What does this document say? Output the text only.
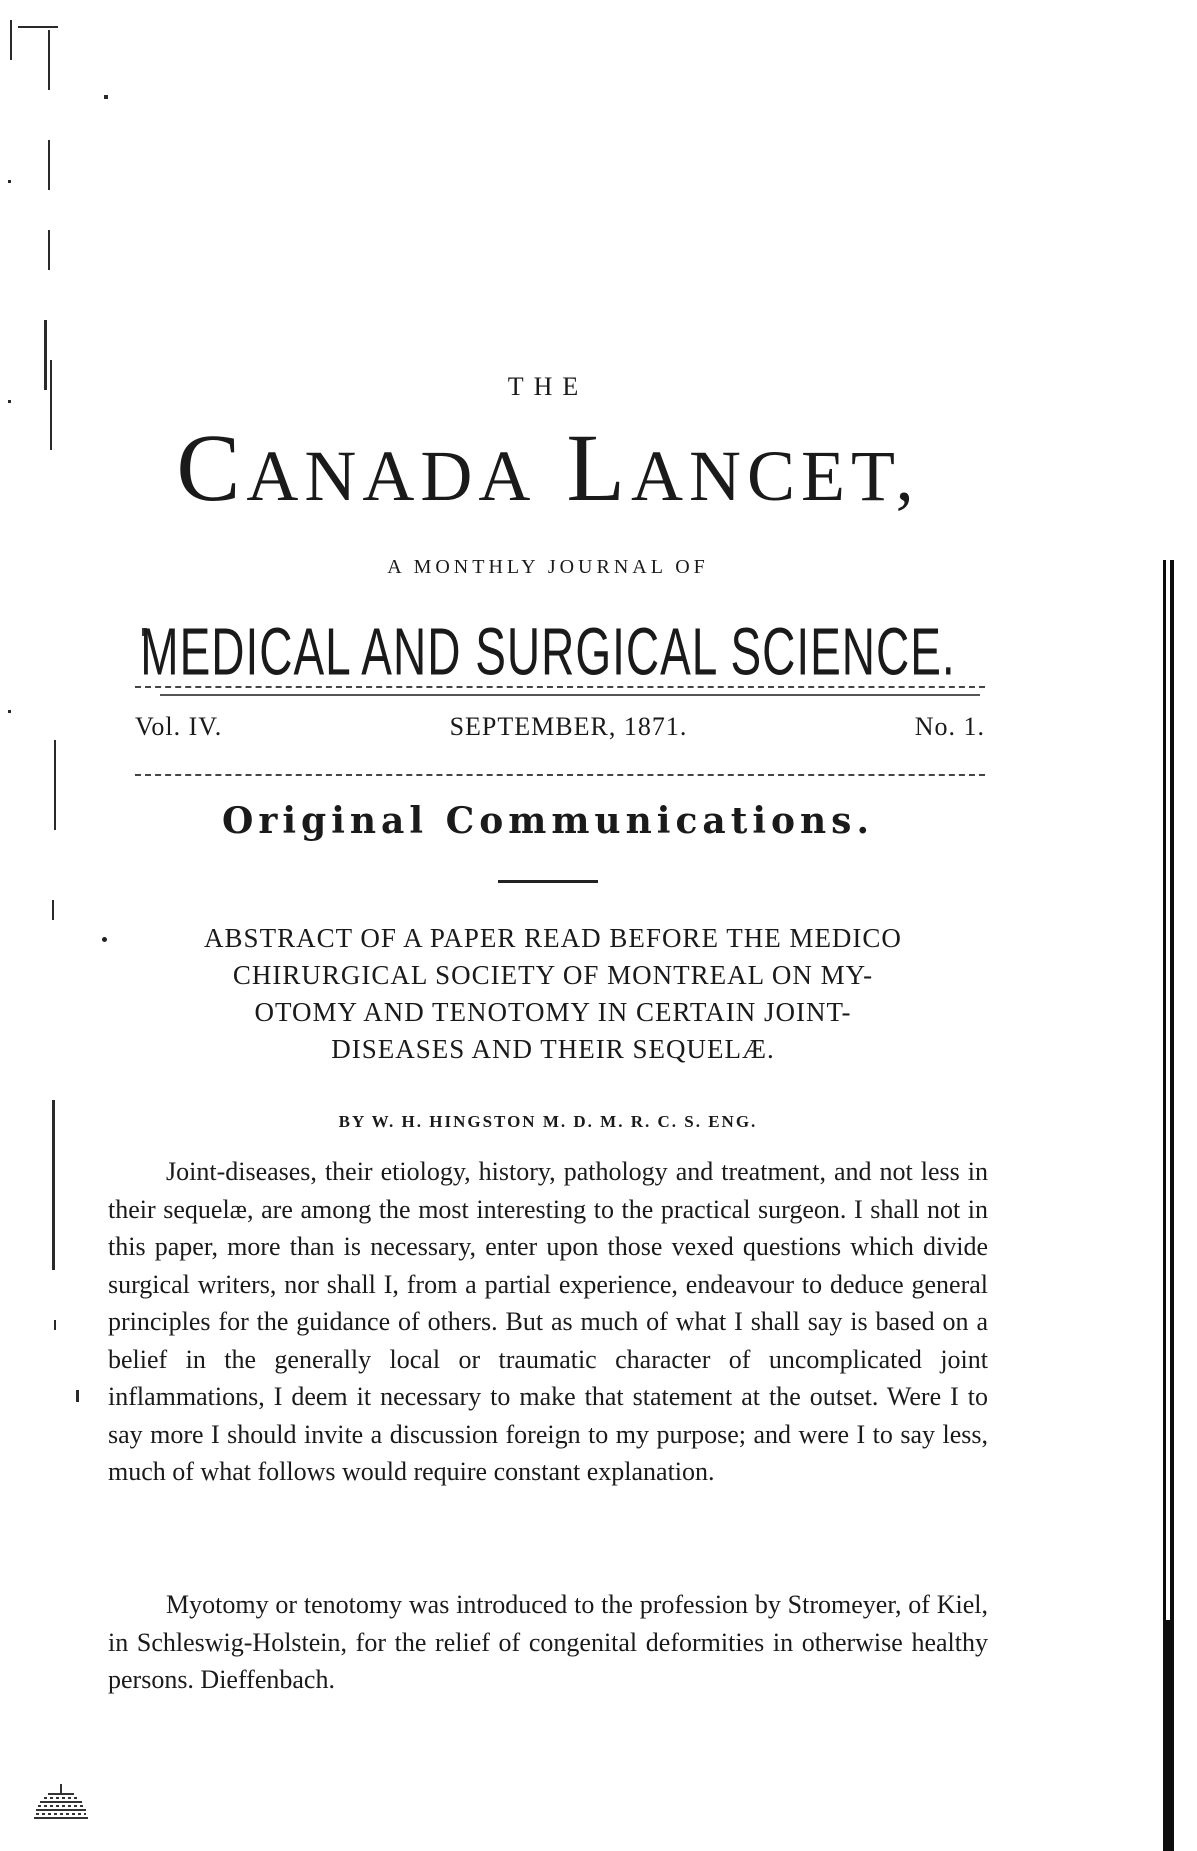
THE
CANADA LANCET,
A MONTHLY JOURNAL OF
MEDICAL AND SURGICAL SCIENCE.
Vol. IV.	SEPTEMBER, 1871.	No. 1.
Original Communications.
ABSTRACT OF A PAPER READ BEFORE THE MEDICO
CHIRURGICAL SOCIETY OF MONTREAL ON MY-
OTOMY AND TENOTOMY IN CERTAIN JOINT-
DISEASES AND THEIR SEQUELÆ.
BY W. H. HINGSTON M. D. M. R. C. S. ENG.

Joint-diseases, their etiology, history, pathology and treatment, and not less in their sequelæ, are among the most interesting to the practical surgeon. I shall not in this paper, more than is necessary, enter upon those vexed questions which divide surgical writers, nor shall I, from a partial experience, endeavour to deduce general principles for the guidance of others. But as much of what I shall say is based on a belief in the generally local or traumatic character of uncomplicated joint inflammations, I deem it necessary to make that statement at the outset. Were I to say more I should invite a discussion foreign to my purpose; and were I to say less, much of what follows would require constant explanation.

Myotomy or tenotomy was introduced to the profession by Stromeyer, of Kiel, in Schleswig-Holstein, for the relief of congenital deformities in otherwise healthy persons. Dieffenbach.
